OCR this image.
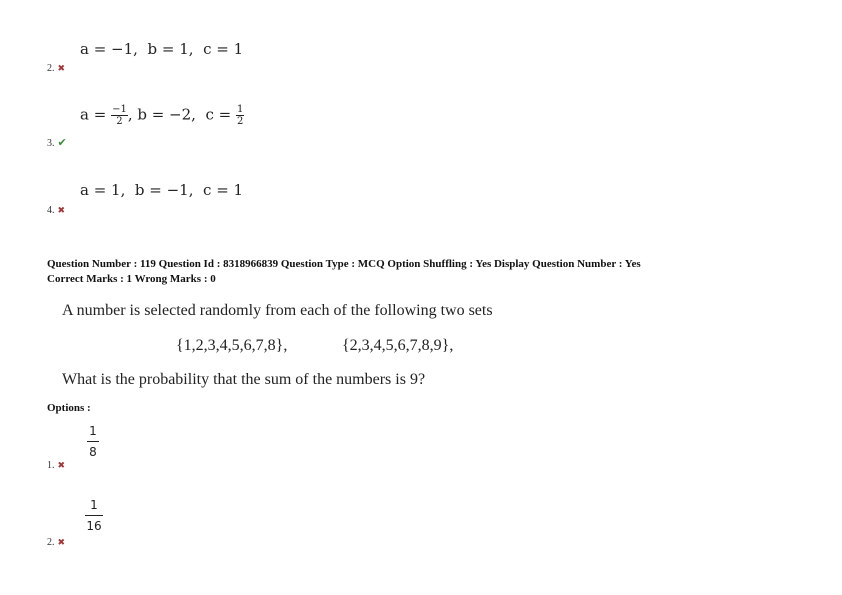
a = −1, b = 1, c = 1
2. ✖
$a = \frac{-1}{2}$ , b = −2, $c = \frac{1}{2}$
3. ✔
a = 1, b = −1, c = 1
4. ✖
Question Number : 119 Question Id : 8318966839 Question Type : MCQ Option Shuffling : Yes Display Question Number : Yes
Correct Marks : 1 Wrong Marks : 0
A number is selected randomly from each of the following two sets
{1,2,3,4,5,6,7,8},	{2,3,4,5,6,7,8,9},
What is the probability that the sum of the numbers is 9?
Options :
1
8
1. ✖
1
16
2. ✖
